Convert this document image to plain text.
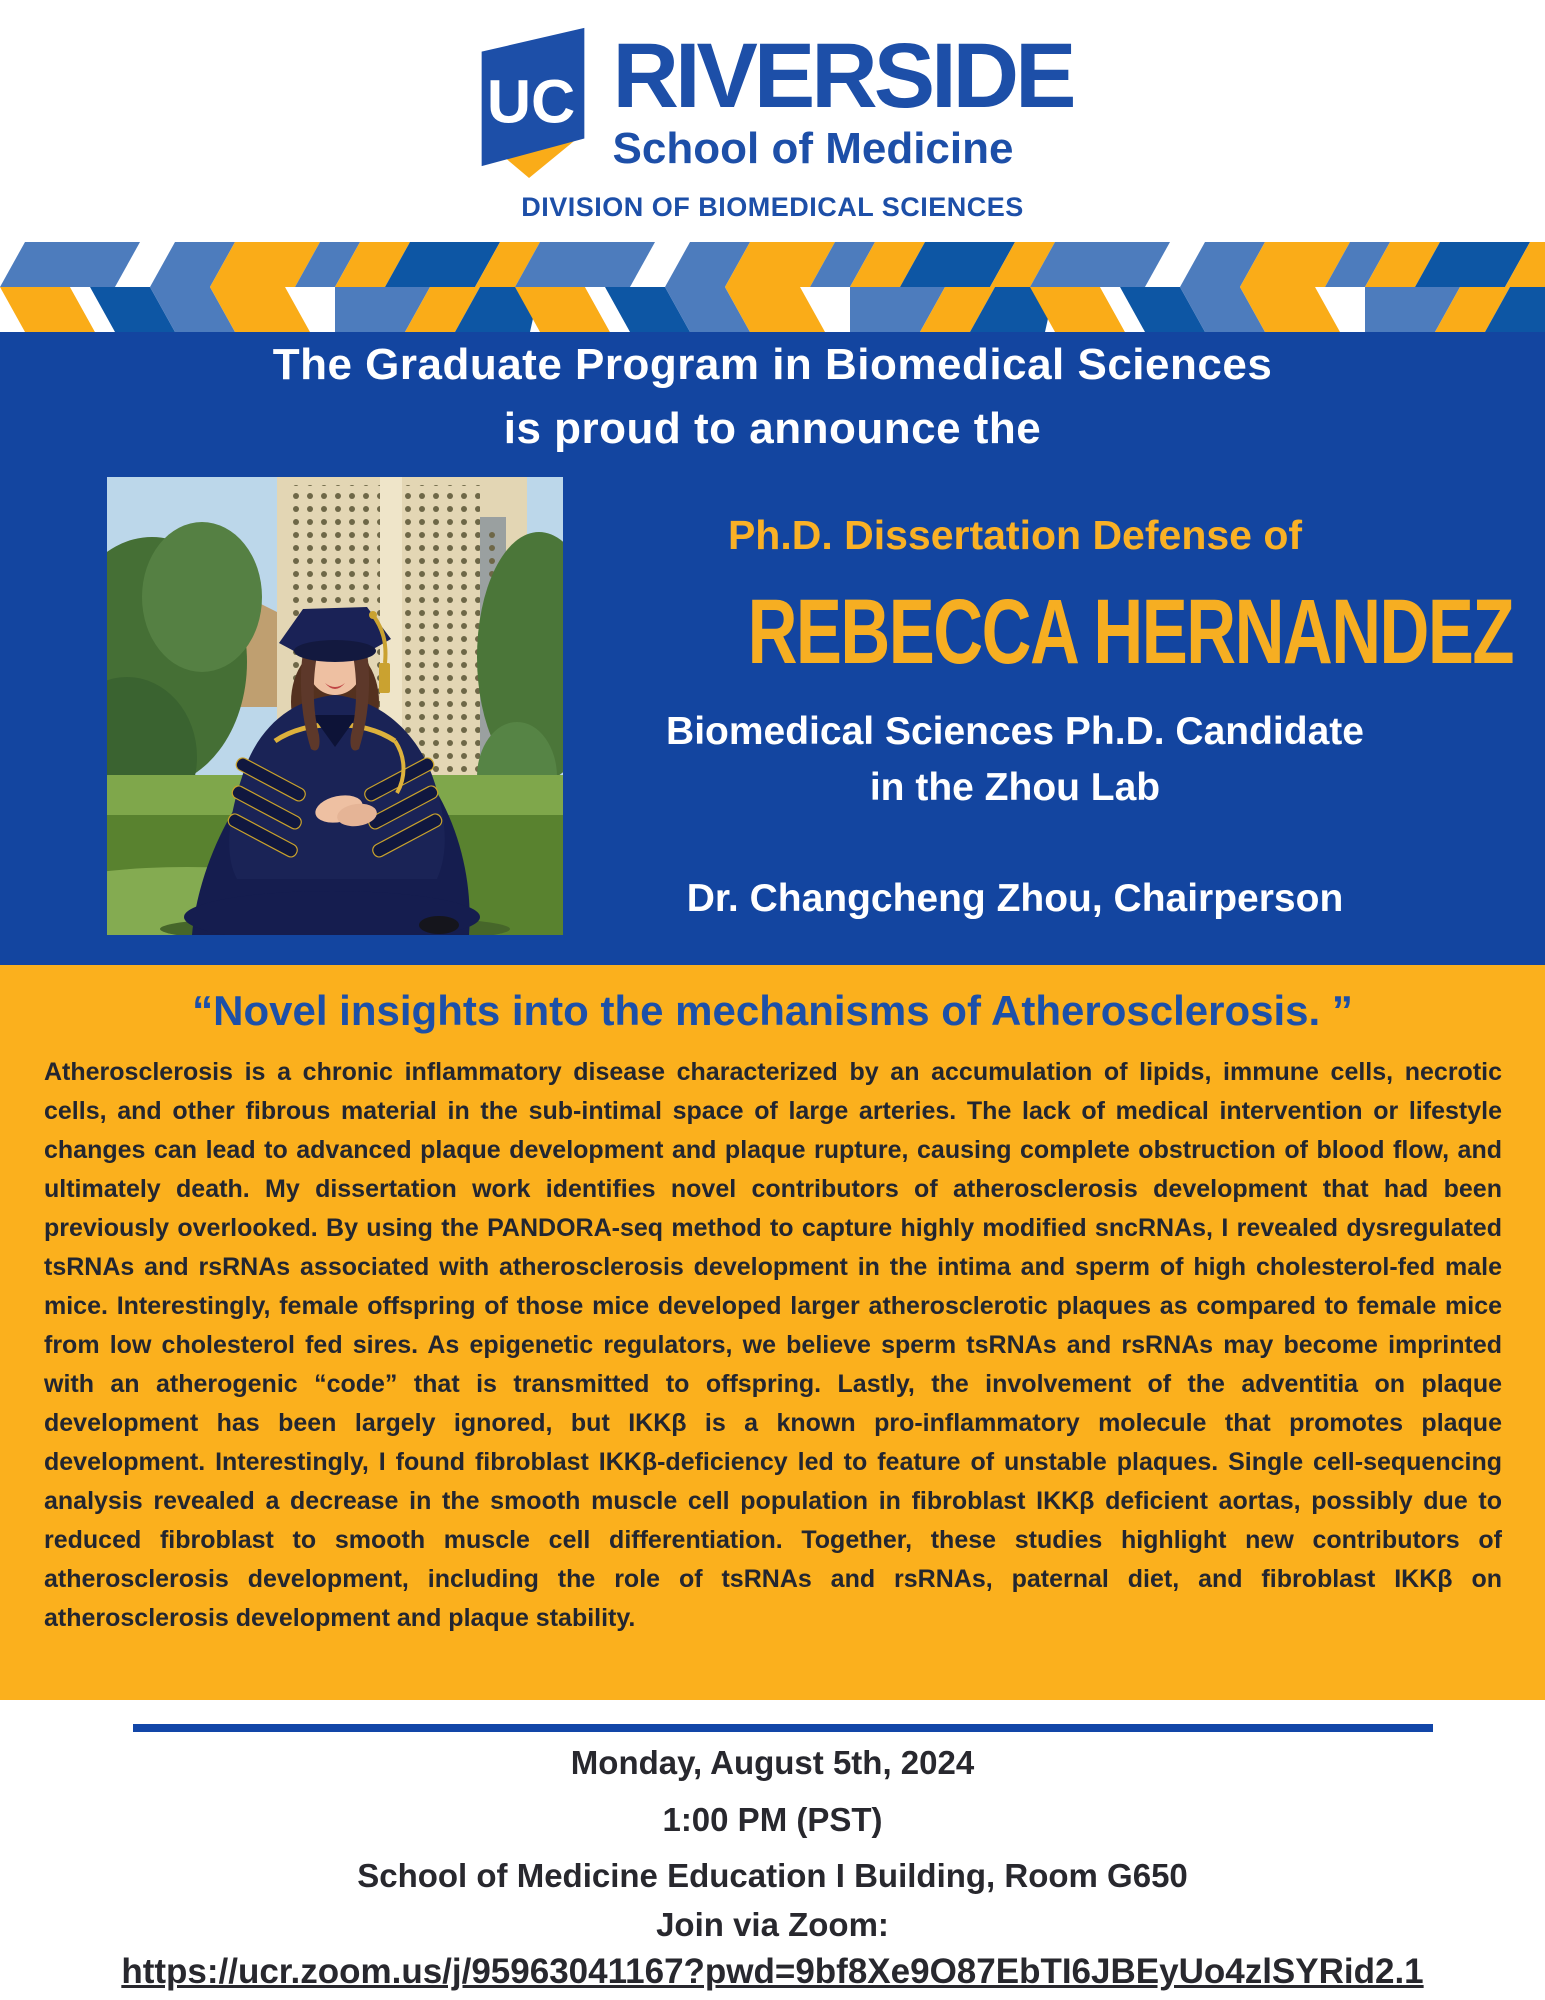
UC RIVERSIDE
School of Medicine
DIVISION OF BIOMEDICAL SCIENCES
The Graduate Program in Biomedical Sciences
is proud to announce the
Ph.D. Dissertation Defense of
REBECCA HERNANDEZ
Biomedical Sciences Ph.D. Candidate
in the Zhou Lab
Dr. Changcheng Zhou, Chairperson
“Novel insights into the mechanisms of Atherosclerosis. ”
Atherosclerosis is a chronic inflammatory disease characterized by an accumulation of lipids, immune cells, necrotic cells, and other fibrous material in the sub-intimal space of large arteries. The lack of medical intervention or lifestyle changes can lead to advanced plaque development and plaque rupture, causing complete obstruction of blood flow, and ultimately death. My dissertation work identifies novel contributors of atherosclerosis development that had been previously overlooked. By using the PANDORA-seq method to capture highly modified sncRNAs, I revealed dysregulated tsRNAs and rsRNAs associated with atherosclerosis development in the intima and sperm of high cholesterol-fed male mice. Interestingly, female offspring of those mice developed larger atherosclerotic plaques as compared to female mice from low cholesterol fed sires. As epigenetic regulators, we believe sperm tsRNAs and rsRNAs may become imprinted with an atherogenic “code” that is transmitted to offspring. Lastly, the involvement of the adventitia on plaque development has been largely ignored, but IKKβ is a known pro-inflammatory molecule that promotes plaque development. Interestingly, I found fibroblast IKKβ-deficiency led to feature of unstable plaques. Single cell-sequencing analysis revealed a decrease in the smooth muscle cell population in fibroblast IKKβ deficient aortas, possibly due to reduced fibroblast to smooth muscle cell differentiation. Together, these studies highlight new contributors of atherosclerosis development, including the role of tsRNAs and rsRNAs, paternal diet, and fibroblast IKKβ on atherosclerosis development and plaque stability.
Monday, August 5th, 2024
1:00 PM (PST)
School of Medicine Education I Building, Room G650
Join via Zoom:
https://ucr.zoom.us/j/95963041167?pwd=9bf8Xe9O87EbTI6JBEyUo4zlSYRid2.1
